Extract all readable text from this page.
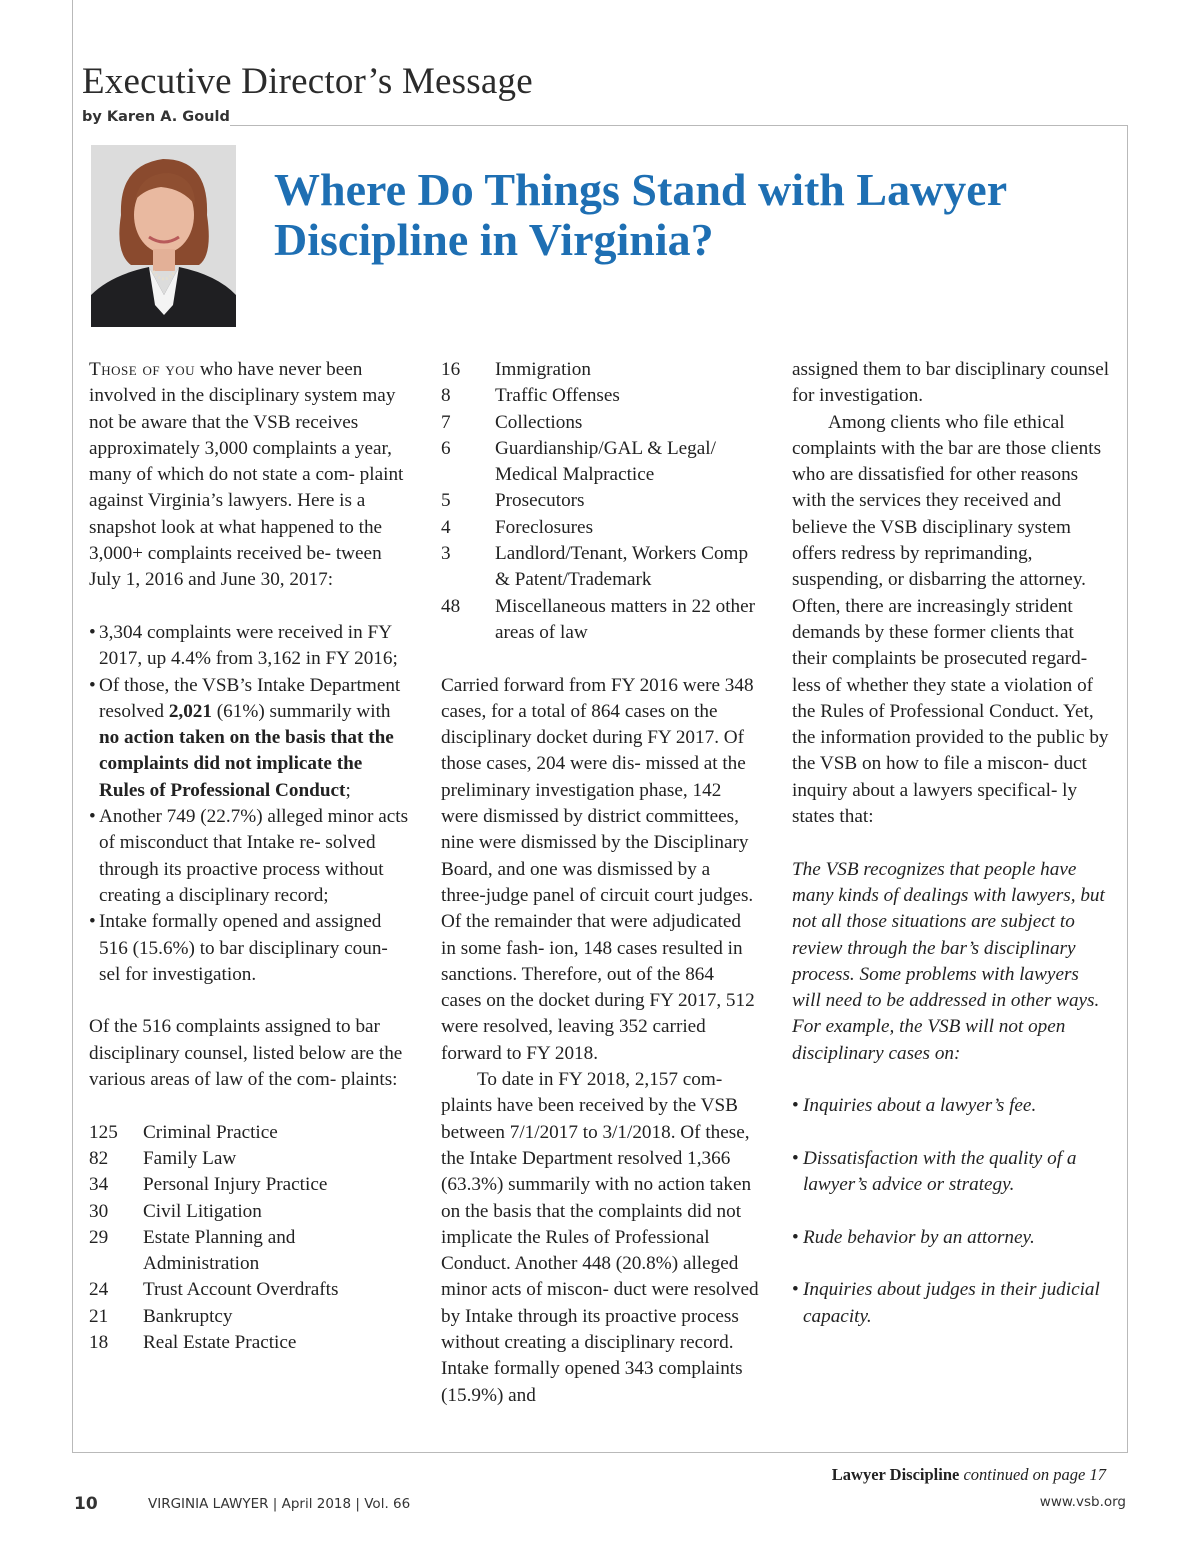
Executive Director’s Message
by Karen A. Gould
Where Do Things Stand with Lawyer
Discipline in Virginia?

Those of you who have never been involved in the disciplinary system may not be aware that the VSB receives approximately 3,000 complaints a year, many of which do not state a com- plaint against Virginia’s lawyers. Here is a snapshot look at what happened to the 3,000+ complaints received be- tween July 1, 2016 and June 30, 2017:

• 3,304 complaints were received in FY 2017, up 4.4% from 3,162 in FY 2016;
• Of those, the VSB’s Intake Department resolved 2,021 (61%) summarily with no action taken on the basis that the complaints did not implicate the Rules of Professional Conduct;
• Another 749 (22.7%) alleged minor acts of misconduct that Intake re- solved through its proactive process without creating a disciplinary record;
• Intake formally opened and assigned 516 (15.6%) to bar disciplinary coun- sel for investigation.

Of the 516 complaints assigned to bar disciplinary counsel, listed below are the various areas of law of the com- plaints:

125	Criminal Practice
82	Family Law
34	Personal Injury Practice
30	Civil Litigation
29	Estate Planning and Administration
24	Trust Account Overdrafts
21	Bankruptcy
18	Real Estate Practice
16	Immigration
8	Traffic Offenses
7	Collections
6	Guardianship/GAL & Legal/ Medical Malpractice
5	Prosecutors
4	Foreclosures
3	Landlord/Tenant, Workers Comp & Patent/Trademark
48	Miscellaneous matters in 22 other areas of law

Carried forward from FY 2016 were 348 cases, for a total of 864 cases on the disciplinary docket during FY 2017. Of those cases, 204 were dis- missed at the preliminary investigation phase, 142 were dismissed by district committees, nine were dismissed by the Disciplinary Board, and one was dismissed by a three-judge panel of circuit court judges. Of the remainder that were adjudicated in some fash- ion, 148 cases resulted in sanctions. Therefore, out of the 864 cases on the docket during FY 2017, 512 were resolved, leaving 352 carried forward to FY 2018.

To date in FY 2018, 2,157 com- plaints have been received by the VSB between 7/1/2017 to 3/1/2018. Of these, the Intake Department resolved 1,366 (63.3%) summarily with no action taken on the basis that the complaints did not implicate the Rules of Professional Conduct. Another 448 (20.8%) alleged minor acts of miscon- duct were resolved by Intake through its proactive process without creating a disciplinary record. Intake formally opened 343 complaints (15.9%) and

assigned them to bar disciplinary counsel for investigation.

Among clients who file ethical complaints with the bar are those clients who are dissatisfied for other reasons with the services they received and believe the VSB disciplinary system offers redress by reprimanding, suspending, or disbarring the attorney. Often, there are increasingly strident demands by these former clients that their complaints be prosecuted regard- less of whether they state a violation of the Rules of Professional Conduct. Yet, the information provided to the public by the VSB on how to file a miscon- duct inquiry about a lawyers specifical- ly states that:

The VSB recognizes that people have many kinds of dealings with lawyers, but not all those situations are subject to review through the bar’s disciplinary process. Some problems with lawyers will need to be addressed in other ways. For example, the VSB will not open disciplinary cases on:

• Inquiries about a lawyer’s fee.
• Dissatisfaction with the quality of a lawyer’s advice or strategy.
• Rude behavior by an attorney.
• Inquiries about judges in their judicial capacity.
Lawyer Discipline continued on page 17
10	VIRGINIA LAWYER | April 2018 | Vol. 66	www.vsb.org
